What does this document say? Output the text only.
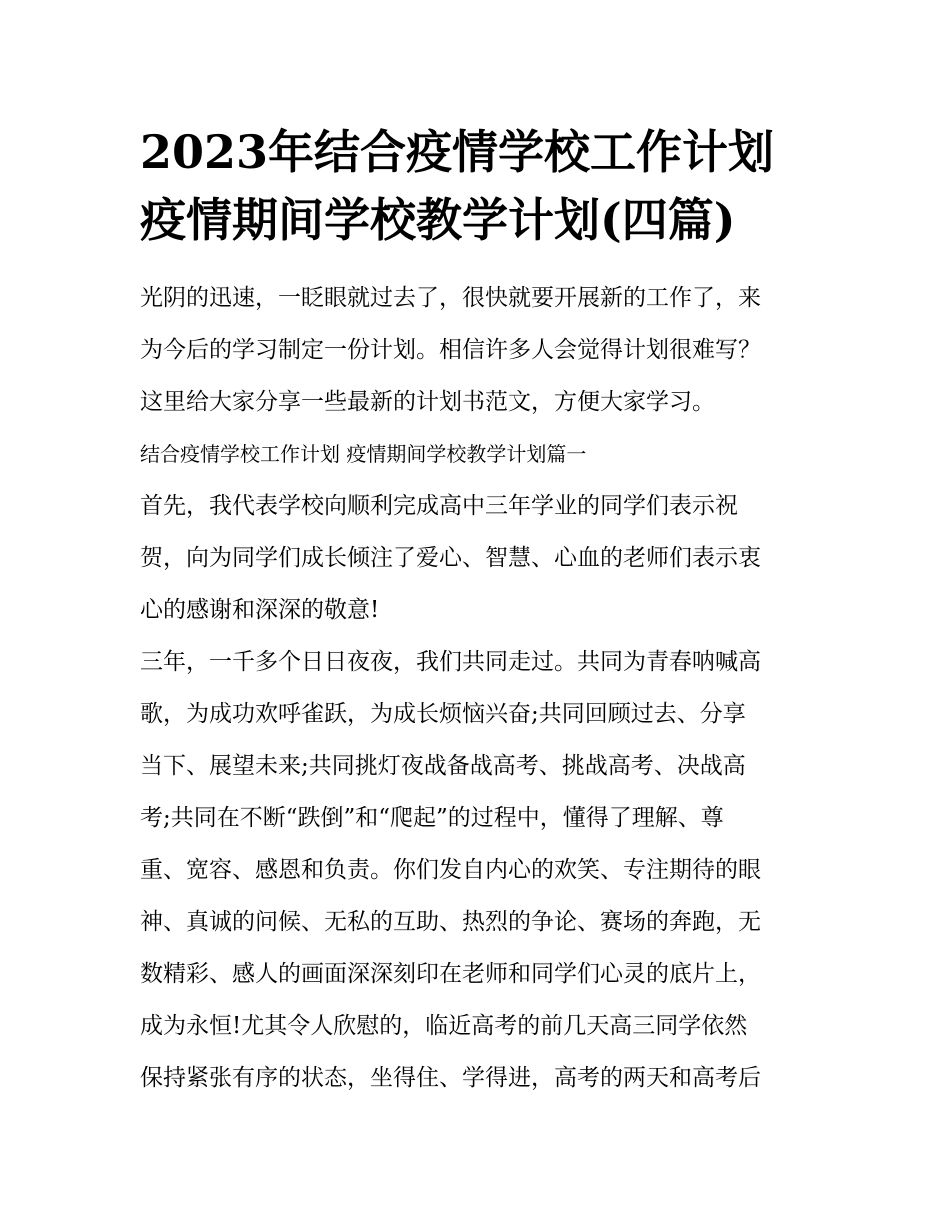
2023年结合疫情学校工作计划
疫情期间学校教学计划(四篇)
光阴的迅速，一眨眼就过去了，很快就要开展新的工作了，来
为今后的学习制定一份计划。相信许多人会觉得计划很难写？
这里给大家分享一些最新的计划书范文，方便大家学习。
结合疫情学校工作计划 疫情期间学校教学计划篇一
首先，我代表学校向顺利完成高中三年学业的同学们表示祝
贺，向为同学们成长倾注了爱心、智慧、心血的老师们表示衷
心的感谢和深深的敬意!
三年，一千多个日日夜夜，我们共同走过。共同为青春呐喊高
歌，为成功欢呼雀跃，为成长烦恼兴奋;共同回顾过去、分享
当下、展望未来;共同挑灯夜战备战高考、挑战高考、决战高
考;共同在不断“跌倒”和“爬起”的过程中，懂得了理解、尊
重、宽容、感恩和负责。你们发自内心的欢笑、专注期待的眼
神、真诚的问候、无私的互助、热烈的争论、赛场的奔跑，无
数精彩、感人的画面深深刻印在老师和同学们心灵的底片上，
成为永恒!尤其令人欣慰的，临近高考的前几天高三同学依然
保持紧张有序的状态，坐得住、学得进，高考的两天和高考后
